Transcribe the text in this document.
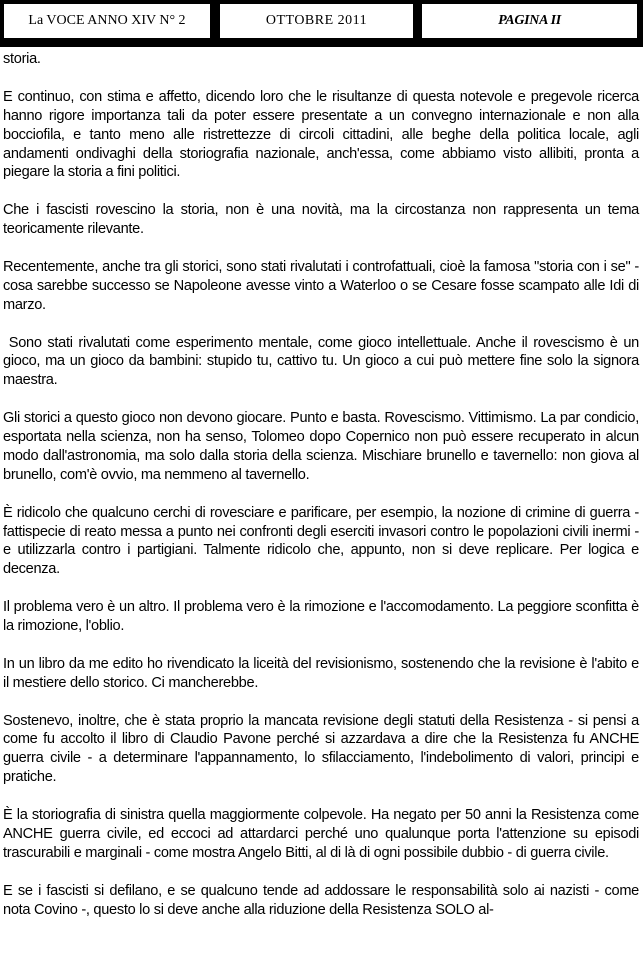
La VOCE ANNO XIV N° 2	OTTOBRE 2011	PAGINA II

storia.

E continuo, con stima e affetto, dicendo loro che le risultanze di questa notevole e pregevole ricerca hanno rigore importanza tali da poter essere presentate a un convegno internazionale e non alla bocciofila, e tanto meno alle ristrettezze di circoli cittadini, alle beghe della politica locale, agli andamenti ondivaghi della storiografia nazionale, anch'essa, come abbiamo visto allibiti, pronta a piegare la storia a fini politici.

Che i fascisti rovescino la storia, non è una novità, ma la circostanza non rappresenta un tema teoricamente rilevante.

Recentemente, anche tra gli storici, sono stati rivalutati i controfattuali, cioè la famosa "storia con i se" - cosa sarebbe successo se Napoleone avesse vinto a Waterloo o se Cesare fosse scampato alle Idi di marzo.

Sono stati rivalutati come esperimento mentale, come gioco intellettuale. Anche il rovescismo è un gioco, ma un gioco da bambini: stupido tu, cattivo tu. Un gioco a cui può mettere fine solo la signora maestra.

Gli storici a questo gioco non devono giocare. Punto e basta. Rovescismo. Vittimismo. La par condicio, esportata nella scienza, non ha senso, Tolomeo dopo Copernico non può essere recuperato in alcun modo dall'astronomia, ma solo dalla storia della scienza. Mischiare brunello e tavernello: non giova al brunello, com'è ovvio, ma nemmeno al tavernello.

È ridicolo che qualcuno cerchi di rovesciare e parificare, per esempio, la nozione di crimine di guerra - fattispecie di reato messa a punto nei confronti degli eserciti invasori contro le popolazioni civili inermi - e utilizzarla contro i partigiani. Talmente ridicolo che, appunto, non si deve replicare. Per logica e decenza.

Il problema vero è un altro. Il problema vero è la rimozione e l'accomodamento. La peggiore sconfitta è la rimozione, l'oblio.

In un libro da me edito ho rivendicato la liceità del revisionismo, sostenendo che la revisione è l'abito e il mestiere dello storico. Ci mancherebbe.

Sostenevo, inoltre, che è stata proprio la mancata revisione degli statuti della Resistenza - si pensi a come fu accolto il libro di Claudio Pavone perché si azzardava a dire che la Resistenza fu ANCHE guerra civile - a determinare l'appannamento, lo sfilacciamento, l'indebolimento di valori, principi e pratiche.

È la storiografia di sinistra quella maggiormente colpevole. Ha negato per 50 anni la Resistenza come ANCHE guerra civile, ed eccoci ad attardarci perché uno qualunque porta l'attenzione su episodi trascurabili e marginali - come mostra Angelo Bitti, al di là di ogni possibile dubbio - di guerra civile.

E se i fascisti si defilano, e se qualcuno tende ad addossare le responsabilità solo ai nazisti - come nota Covino -, questo lo si deve anche alla riduzione della Resistenza SOLO al-
